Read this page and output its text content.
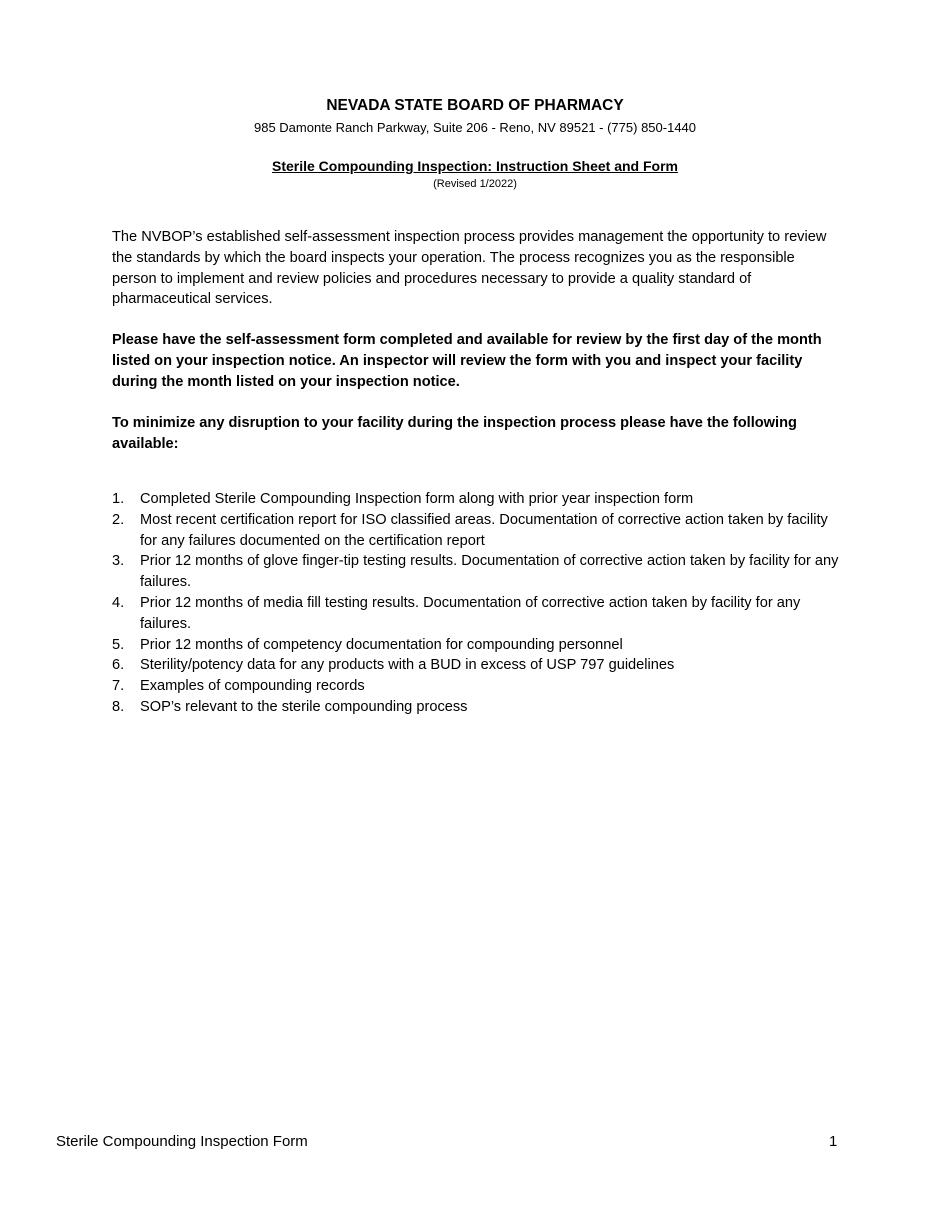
NEVADA STATE BOARD OF PHARMACY
985 Damonte Ranch Parkway, Suite 206 - Reno, NV 89521 - (775) 850-1440
Sterile Compounding Inspection: Instruction Sheet and Form
(Revised 1/2022)
The NVBOP’s established self-assessment inspection process provides management the opportunity to review the standards by which the board inspects your operation. The process recognizes you as the responsible person to implement and review policies and procedures necessary to provide a quality standard of pharmaceutical services.
Please have the self-assessment form completed and available for review by the first day of the month listed on your inspection notice. An inspector will review the form with you and inspect your facility during the month listed on your inspection notice.
To minimize any disruption to your facility during the inspection process please have the following available:
1.	Completed Sterile Compounding Inspection form along with prior year inspection form
2.	Most recent certification report for ISO classified areas. Documentation of corrective action taken by facility for any failures documented on the certification report
3.	Prior 12 months of glove finger-tip testing results. Documentation of corrective action taken by facility for any failures.
4.	Prior 12 months of media fill testing results. Documentation of corrective action taken by facility for any failures.
5.	Prior 12 months of competency documentation for compounding personnel
6.	Sterility/potency data for any products with a BUD in excess of USP 797 guidelines
7.	Examples of compounding records
8.	SOP’s relevant to the sterile compounding process
Sterile Compounding Inspection Form	1
